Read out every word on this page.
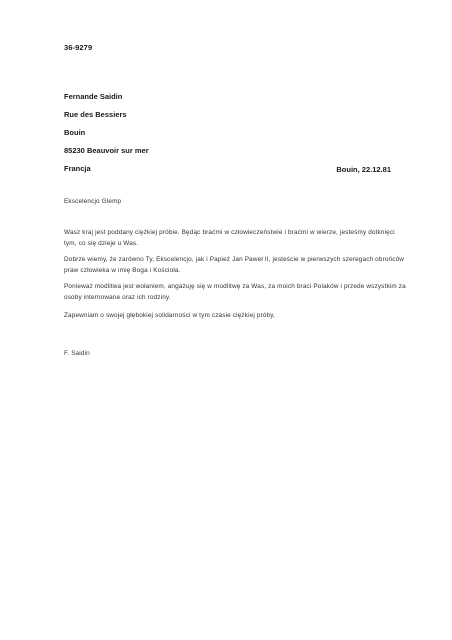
36-9279
Fernande Saidin
Rue des Bessiers
Bouin
85230 Beauvoir sur mer
Francja	Bouin, 22.12.81
Ekscelencjo Glemp
Wasz kraj jest poddany ciężkiej próbie. Będąc braćmi w człowieczeństwie i braćmi w wierze, jesteśmy dotknięci tym, co się dzieje u Was.
Dobrze wiemy, że zarówno Ty, Ekscelencjo, jak i Papież Jan Paweł II, jesteście w pierwszych szeregach obrońców praw człowieka w imię Boga i Kościoła.
Ponieważ modlitwa jest wołaniem, angażuję się w modlitwę za Was, za moich braci Polaków i przede wszystkim za osoby internowane oraz ich rodziny.
Zapewniam o swojej głębokiej solidarności w tym czasie ciężkiej próby,
F. Saidin
